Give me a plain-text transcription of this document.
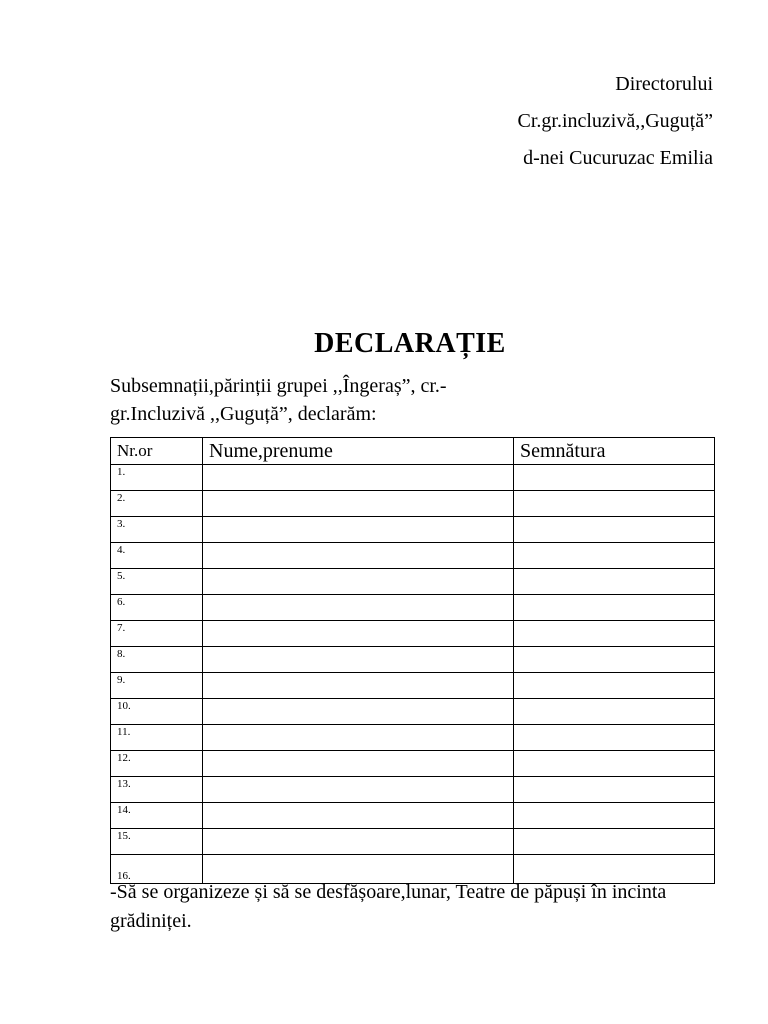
Directorului
Cr.gr.incluzivă,,Guguță”
d-nei Cucuruzac Emilia
DECLARAȚIE
Subsemnații,părinții grupei ,,Îngeraș”, cr.-gr.Incluzivă ,,Guguță”, declarăm:
Nr.or	Nume,prenume	Semnătura
1.		
2.		
3.		
4.		
5.		
6.		
7.		
8.		
9.		
10.		
11.		
12.		
13.		
14.		
15.		
16.		
-Să se organizeze și să se desfășoare,lunar, Teatre de păpuși în incinta grădiniței.
